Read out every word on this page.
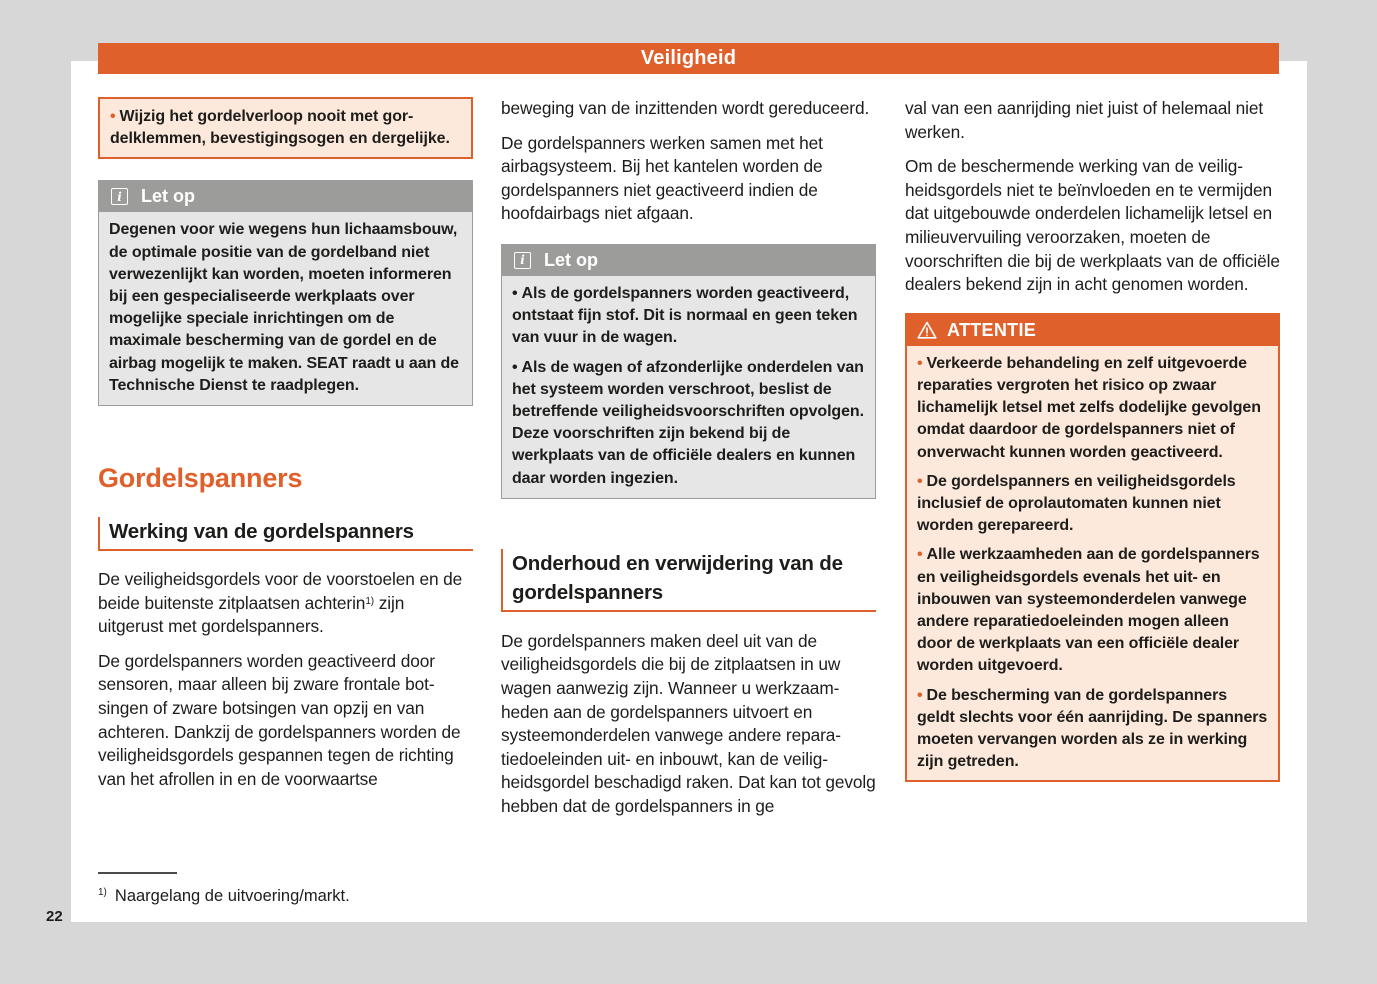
Veiligheid
• Wijzig het gordelverloop nooit met gordelklemmen, bevestigingsogen en dergelijke.
i	Let op
Degenen voor wie wegens hun lichaamsbouw, de optimale positie van de gordelband niet verwezenlijkt kan worden, moeten informeren bij een gespecialiseerde werkplaats over mogelijke speciale inrichtingen om de maximale bescherming van de gordel en de airbag mogelijk te maken. SEAT raadt u aan de Technische Dienst te raadplegen.
Gordelspanners
Werking van de gordelspanners

De veiligheidsgordels voor de voorstoelen en de beide buitenste zitplaatsen achterin$^{1)}$ zijn uitgerust met gordelspanners.

De gordelspanners worden geactiveerd door sensoren, maar alleen bij zware frontale botsingen of zware botsingen van opzij en van achteren. Dankzij de gordelspanners worden de veiligheidsgordels gespannen tegen de richting van het afrollen in en de voorwaartse

beweging van de inzittenden wordt gereduceerd.

De gordelspanners werken samen met het airbagsysteem. Bij het kantelen worden de gordelspanners niet geactiveerd indien de hoofdairbags niet afgaan.

i	Let op
• Als de gordelspanners worden geactiveerd, ontstaat fijn stof. Dit is normaal en geen teken van vuur in de wagen.
• Als de wagen of afzonderlijke onderdelen van het systeem worden verschroot, beslist de betreffende veiligheidsvoorschriften opvolgen. Deze voorschriften zijn bekend bij de werkplaats van de officiële dealers en kunnen daar worden ingezien.
Onderhoud en verwijdering van de gordelspanners

De gordelspanners maken deel uit van de veiligheidsgordels die bij de zitplaatsen in uw wagen aanwezig zijn. Wanneer u werkzaamheden aan de gordelspanners uitvoert en systeemonderdelen vanwege andere reparatiedoeleinden uit- en inbouwt, kan de veiligheidsgordel beschadigd raken. Dat kan tot gevolg hebben dat de gordelspanners in ge

val van een aanrijding niet juist of helemaal niet werken.

Om de beschermende werking van de veiligheidsgordels niet te beïnvloeden en te vermijden dat uitgebouwde onderdelen lichamelijk letsel en milieuvervuiling veroorzaken, moeten de voorschriften die bij de werkplaats van de officiële dealers bekend zijn in acht genomen worden.

ATTENTIE
• Verkeerde behandeling en zelf uitgevoerde reparaties vergroten het risico op zwaar lichamelijk letsel met zelfs dodelijke gevolgen omdat daardoor de gordelspanners niet of onverwacht kunnen worden geactiveerd.
• De gordelspanners en veiligheidsgordels inclusief de oprolautomaten kunnen niet worden gerepareerd.
• Alle werkzaamheden aan de gordelspanners en veiligheidsgordels evenals het uit- en inbouwen van systeemonderdelen vanwege andere reparatiedoeleinden mogen alleen door de werkplaats van een officiële dealer worden uitgevoerd.
• De bescherming van de gordelspanners geldt slechts voor één aanrijding. De spanners moeten vervangen worden als ze in werking zijn getreden.
$^{1)}$ Naargelang de uitvoering/markt.
22
